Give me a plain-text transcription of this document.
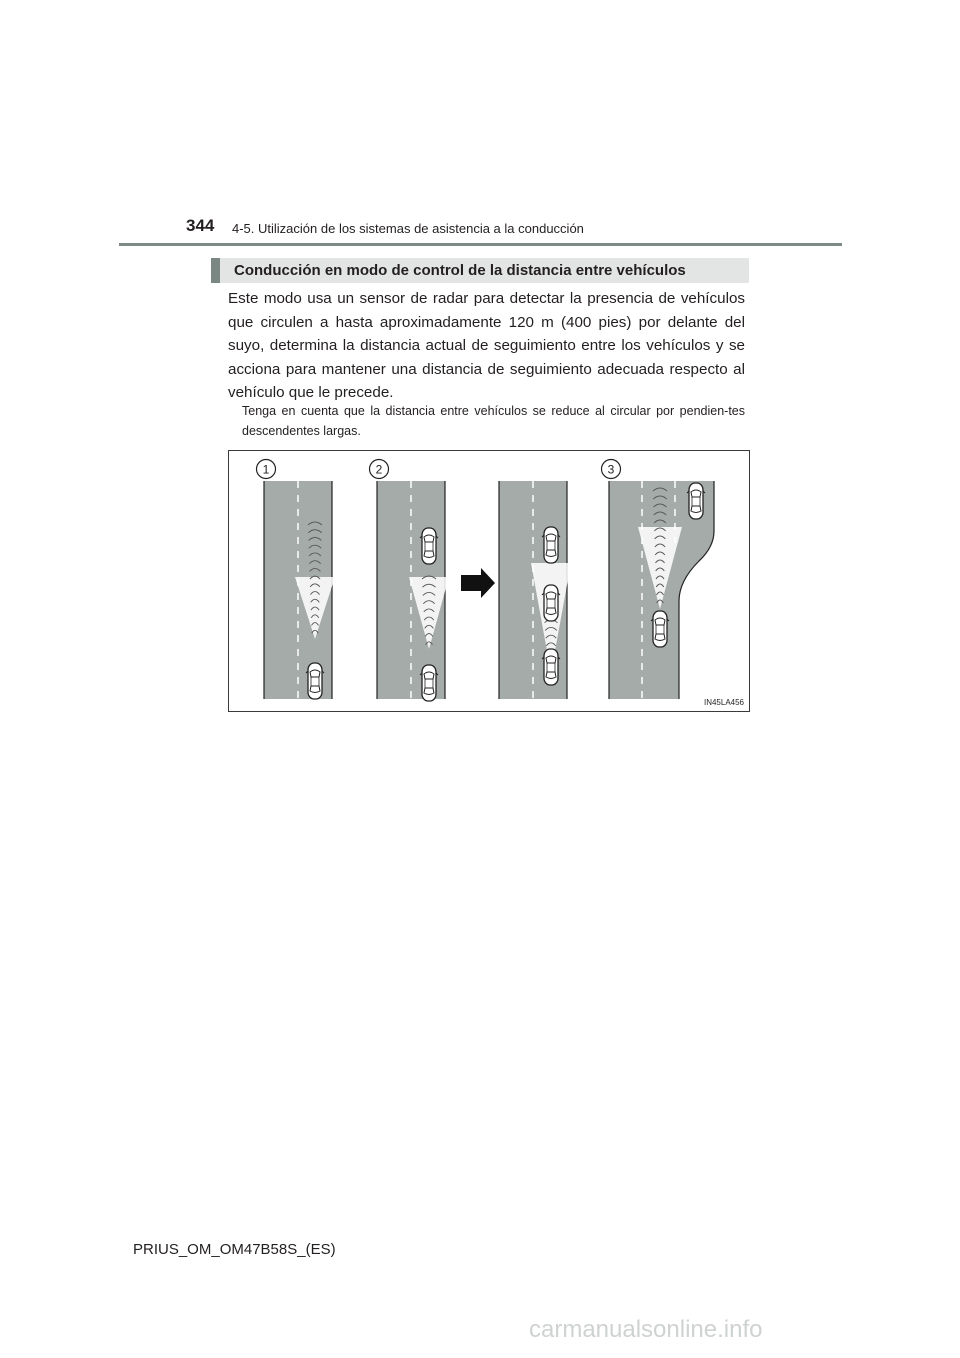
344 4-5. Utilización de los sistemas de asistencia a la conducción
Conducción en modo de control de la distancia entre vehículos

Este modo usa un sensor de radar para detectar la presencia de vehículos que circulen a hasta aproximadamente 120 m (400 pies) por delante del suyo, determina la distancia actual de seguimiento entre los vehículos y se acciona para mantener una distancia de seguimiento adecuada respecto al vehículo que le precede.

Tenga en cuenta que la distancia entre vehículos se reduce al circular por pendien-tes descendentes largas.

1	2	3
IN45LA456
PRIUS_OM_OM47B58S_(ES)
carmanualsonline.info
